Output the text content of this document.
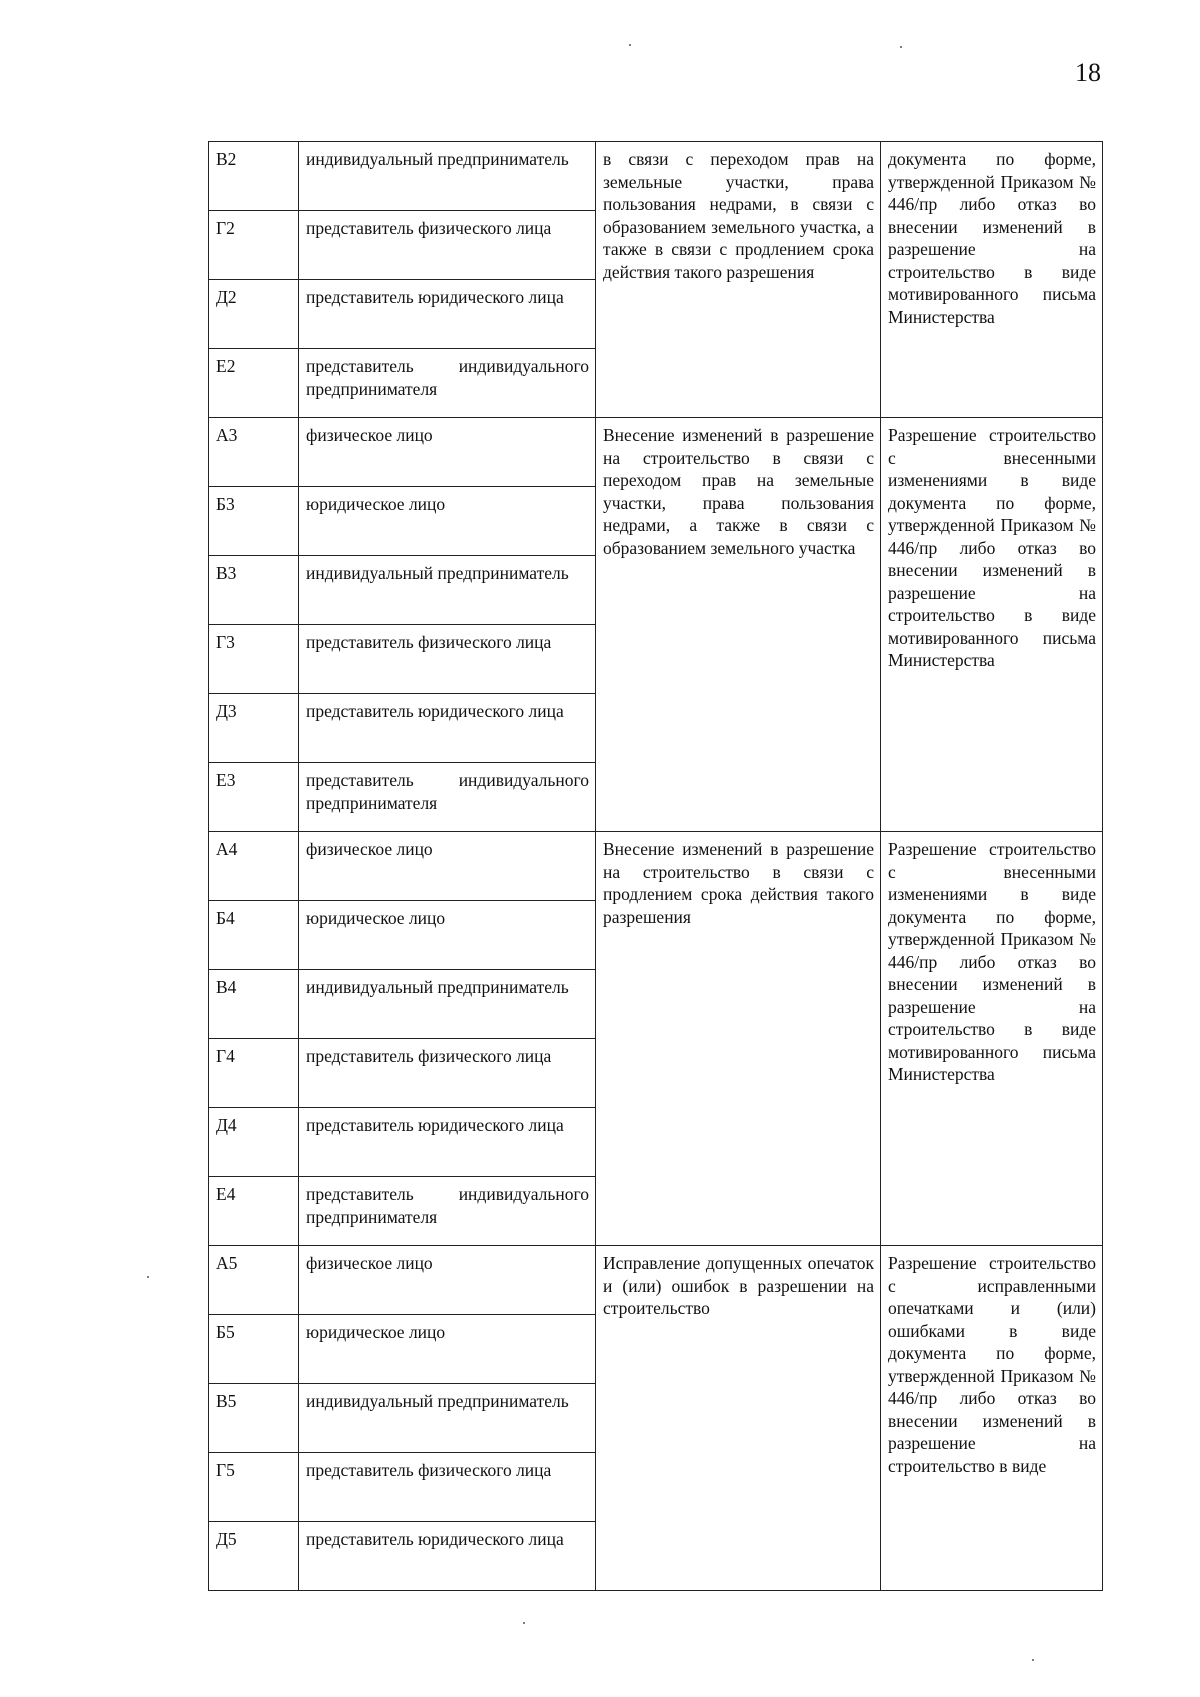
18
В2	индивидуальный предприниматель	в связи с переходом прав на земельные участки, права пользования недрами, в связи с образованием земельного участка, а также в связи с продлением срока действия такого разрешения	документа по форме, утвержденной Приказом № 446/пр либо отказ во внесении изменений в разрешение на строительство в виде мотивированного письма Министерства
Г2	представитель физического лица		
Д2	представитель юридического лица		
Е2	представитель индивидуального предпринимателя		
А3	физическое лицо	Внесение изменений в разрешение на строительство в связи с переходом прав на земельные участки, права пользования недрами, а также в связи с образованием земельного участка	Разрешение строительство с внесенными изменениями в виде документа по форме, утвержденной Приказом № 446/пр либо отказ во внесении изменений в разрешение на строительство в виде мотивированного письма Министерства
Б3	юридическое лицо		
В3	индивидуальный предприниматель		
Г3	представитель физического лица		
Д3	представитель юридического лица		
Е3	представитель индивидуального предпринимателя		
А4	физическое лицо	Внесение изменений в разрешение на строительство в связи с продлением срока действия такого разрешения	Разрешение строительство с внесенными изменениями в виде документа по форме, утвержденной Приказом № 446/пр либо отказ во внесении изменений в разрешение на строительство в виде мотивированного письма Министерства
Б4	юридическое лицо		
В4	индивидуальный предприниматель		
Г4	представитель физического лица		
Д4	представитель юридического лица		
Е4	представитель индивидуального предпринимателя		
А5	физическое лицо	Исправление допущенных опечаток и (или) ошибок в разрешении на строительство	Разрешение строительство с исправленными опечатками и (или) ошибками в виде документа по форме, утвержденной Приказом № 446/пр либо отказ во внесении изменений в разрешение на строительство в виде
Б5	юридическое лицо		
В5	индивидуальный предприниматель		
Г5	представитель физического лица		
Д5	представитель юридического лица		
